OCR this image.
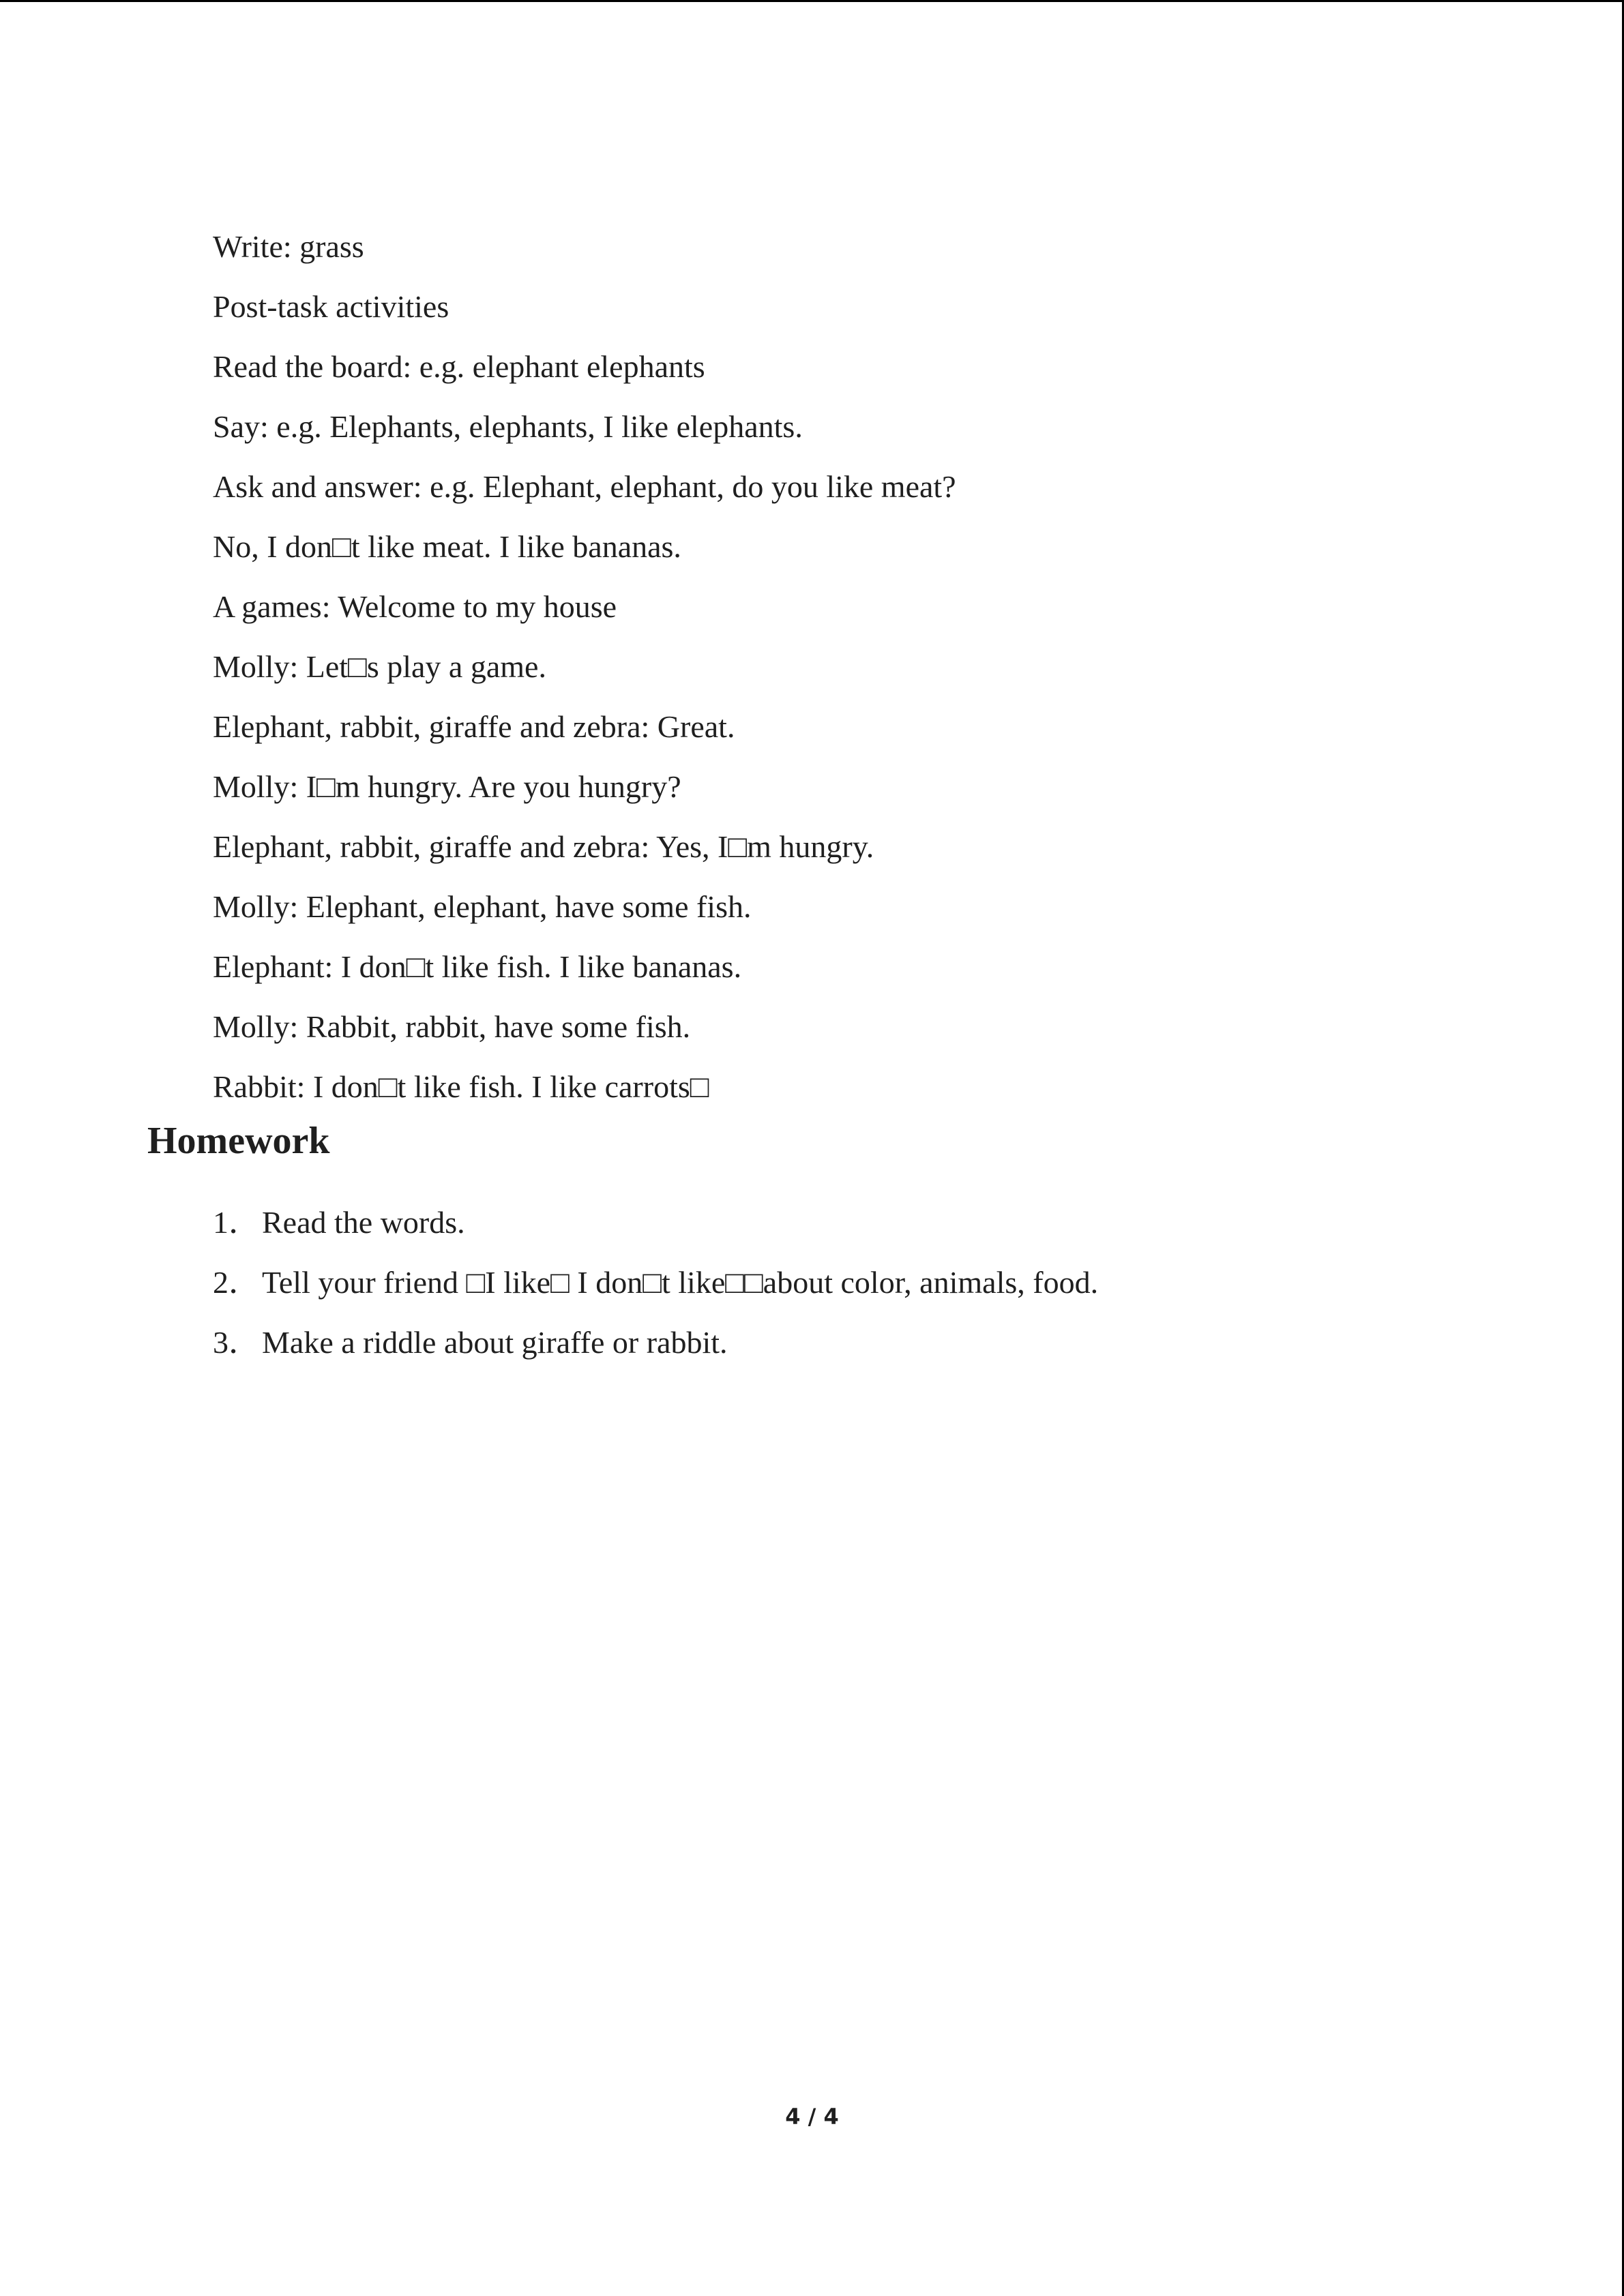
Write: grass
Post-task activities
Read the board: e.g. elephant elephants
Say: e.g. Elephants, elephants, I like elephants.
Ask and answer: e.g. Elephant, elephant, do you like meat?
No, I don□t like meat. I like bananas.
A games: Welcome to my house
Molly: Let□s play a game.
Elephant, rabbit, giraffe and zebra: Great.
Molly: I□m hungry. Are you hungry?
Elephant, rabbit, giraffe and zebra: Yes, I□m hungry.
Molly: Elephant, elephant, have some fish.
Elephant: I don□t like fish. I like bananas.
Molly: Rabbit, rabbit, have some fish.
Rabbit: I don□t like fish. I like carrots□
Homework
1．Read the words.
2．Tell your friend □I like□ I don□t like□□about color, animals, food.
3．Make a riddle about giraffe or rabbit.
4 / 4
